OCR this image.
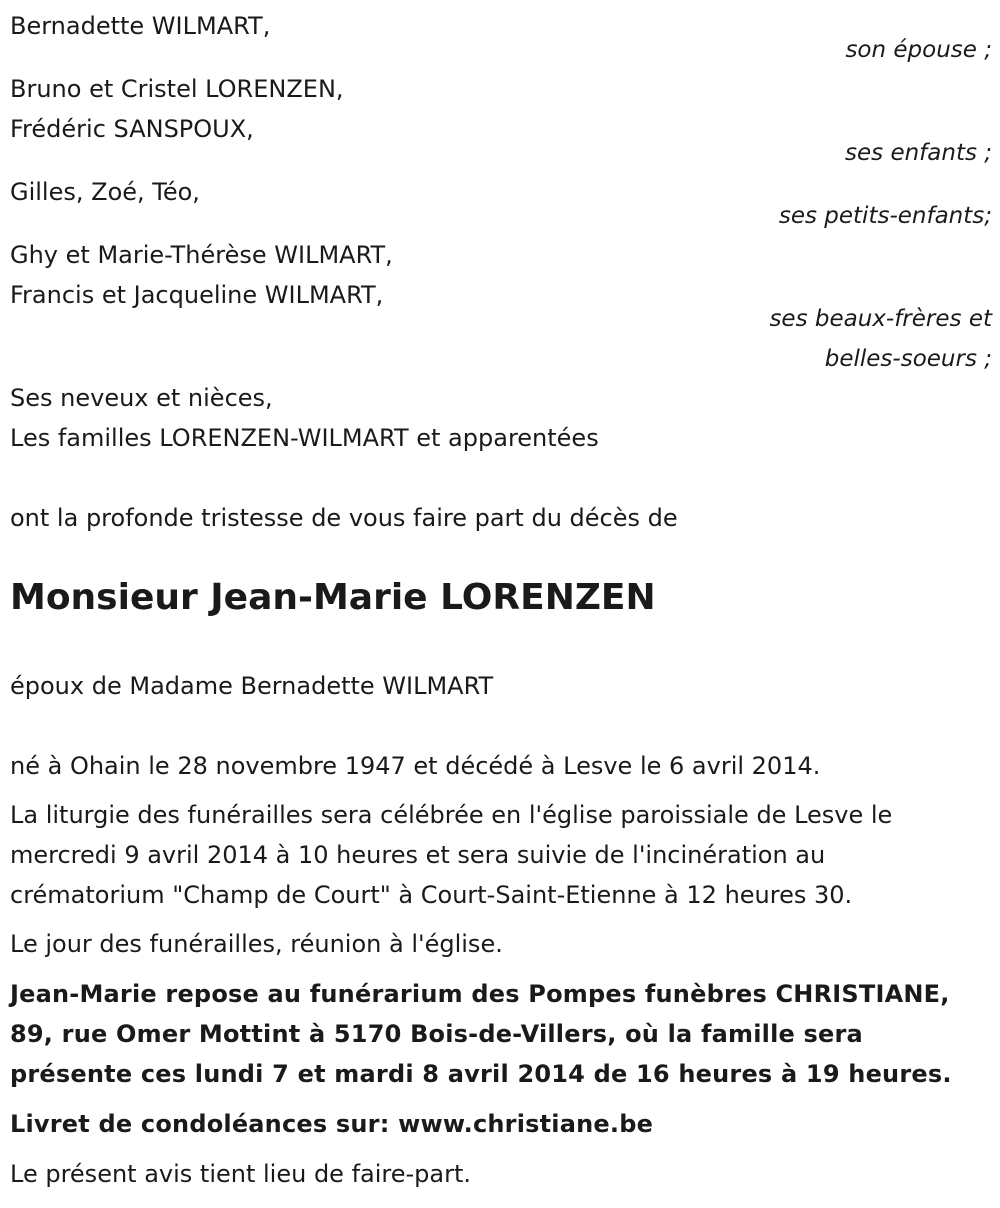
Bernadette WILMART,
son épouse ;
Bruno et Cristel LORENZEN,
Frédéric SANSPOUX,
ses enfants ;
Gilles, Zoé, Téo,
ses petits-enfants;
Ghy et Marie-Thérèse WILMART,
Francis et Jacqueline WILMART,
ses beaux-frères et
belles-soeurs ;
Ses neveux et nièces,
Les familles LORENZEN-WILMART et apparentées
ont la profonde tristesse de vous faire part du décès de
Monsieur Jean-Marie LORENZEN
époux de Madame Bernadette WILMART
né à Ohain le 28 novembre 1947 et décédé à Lesve le 6 avril 2014.
La liturgie des funérailles sera célébrée en l'église paroissiale de Lesve le
mercredi 9 avril 2014 à 10 heures et sera suivie de l'incinération au
crématorium "Champ de Court" à Court-Saint-Etienne à 12 heures 30.
Le jour des funérailles, réunion à l'église.
Jean-Marie repose au funérarium des Pompes funèbres CHRISTIANE,
89, rue Omer Mottint à 5170 Bois-de-Villers, où la famille sera
présente ces lundi 7 et mardi 8 avril 2014 de 16 heures à 19 heures.
Livret de condoléances sur: www.christiane.be
Le présent avis tient lieu de faire-part.
